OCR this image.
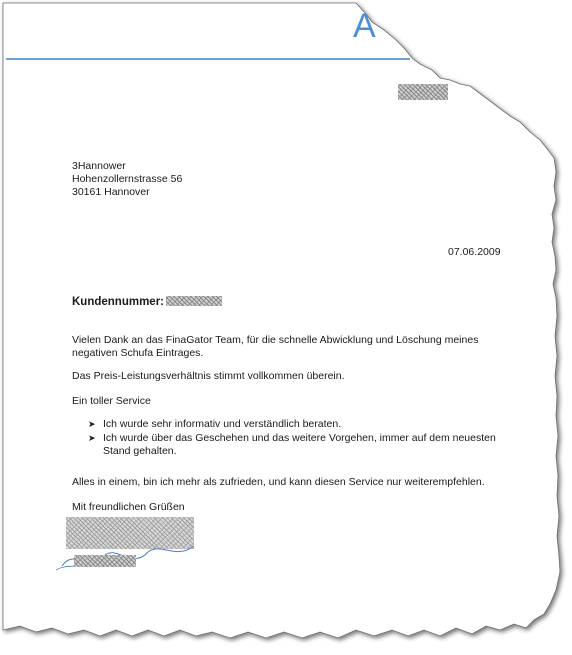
A
3Hannower
Hohenzollernstrasse 56
30161 Hannover
07.06.2009
Kundennummer:
Vielen Dank an das FinaGator Team, für die schnelle Abwicklung und Löschung meines negativen Schufa Eintrages.
Das Preis-Leistungsverhältnis stimmt vollkommen überein.
Ein toller Service
➤ Ich wurde sehr informativ und verständlich beraten.
➤ Ich wurde über das Geschehen und das weitere Vorgehen, immer auf dem neuesten Stand gehalten.
Alles in einem, bin ich mehr als zufrieden, und kann diesen Service nur weiterempfehlen.
Mit freundlichen Grüßen
